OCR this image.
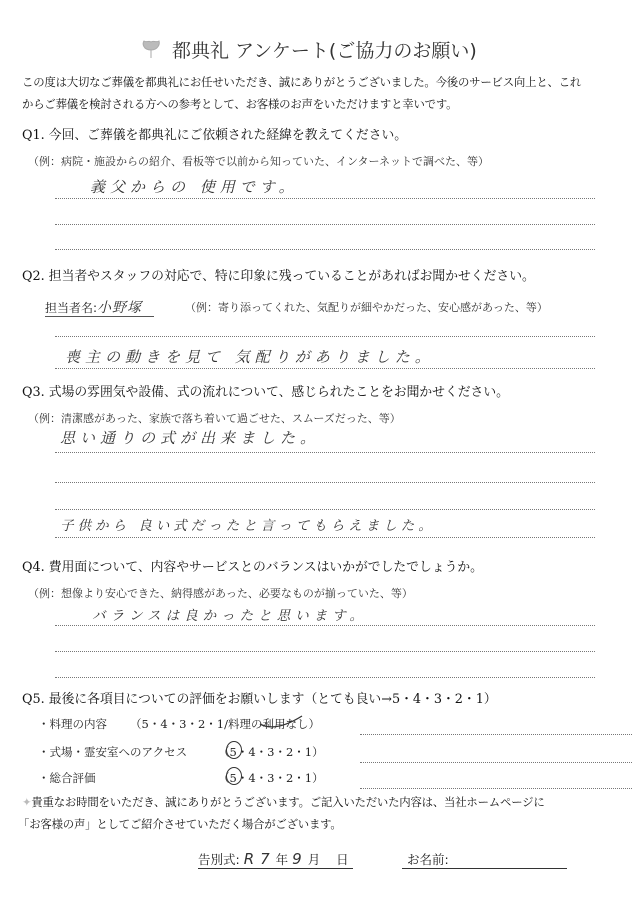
都典礼 アンケート(ご協力のお願い)
この度は大切なご葬儀を都典礼にお任せいただき、誠にありがとうございました。今後のサービス向上と、これ
からご葬儀を検討される方への参考として、お客様のお声をいただけますと幸いです。
Q1. 今回、ご葬儀を都典礼にご依頼された経緯を教えてください。
（例：病院・施設からの紹介、看板等で以前から知っていた、インターネットで調べた、等）
義父からの 使用です。
Q2. 担当者やスタッフの対応で、特に印象に残っていることがあればお聞かせください。
担当者名:小野塚	（例：寄り添ってくれた、気配りが細やかだった、安心感があった、等）
喪主の動きを見て 気配りがありました。
Q3. 式場の雰囲気や設備、式の流れについて、感じられたことをお聞かせください。
（例：清潔感があった、家族で落ち着いて過ごせた、スムーズだった、等）
思い通りの式が出来ました。
子供から 良い式だったと言ってもらえました。
Q4. 費用面について、内容やサービスとのバランスはいかがでしたでしょうか。
（例：想像より安心できた、納得感があった、必要なものが揃っていた、等）
バランスは良かったと思います。
Q5. 最後に各項目についての評価をお願いします（とても良い→5・4・3・2・1）
・料理の内容 （5・4・3・2・1/料理の利用なし）
・式場・霊安室へのアクセス	（5・4・3・2・1）
・総合評価	（5・4・3・2・1）
✦貴重なお時間をいただき、誠にありがとうございます。ご記入いただいた内容は、当社ホームページに
「お客様の声」としてご紹介させていただく場合がございます。
告別式: R 7 年 9 月 日	お名前:
